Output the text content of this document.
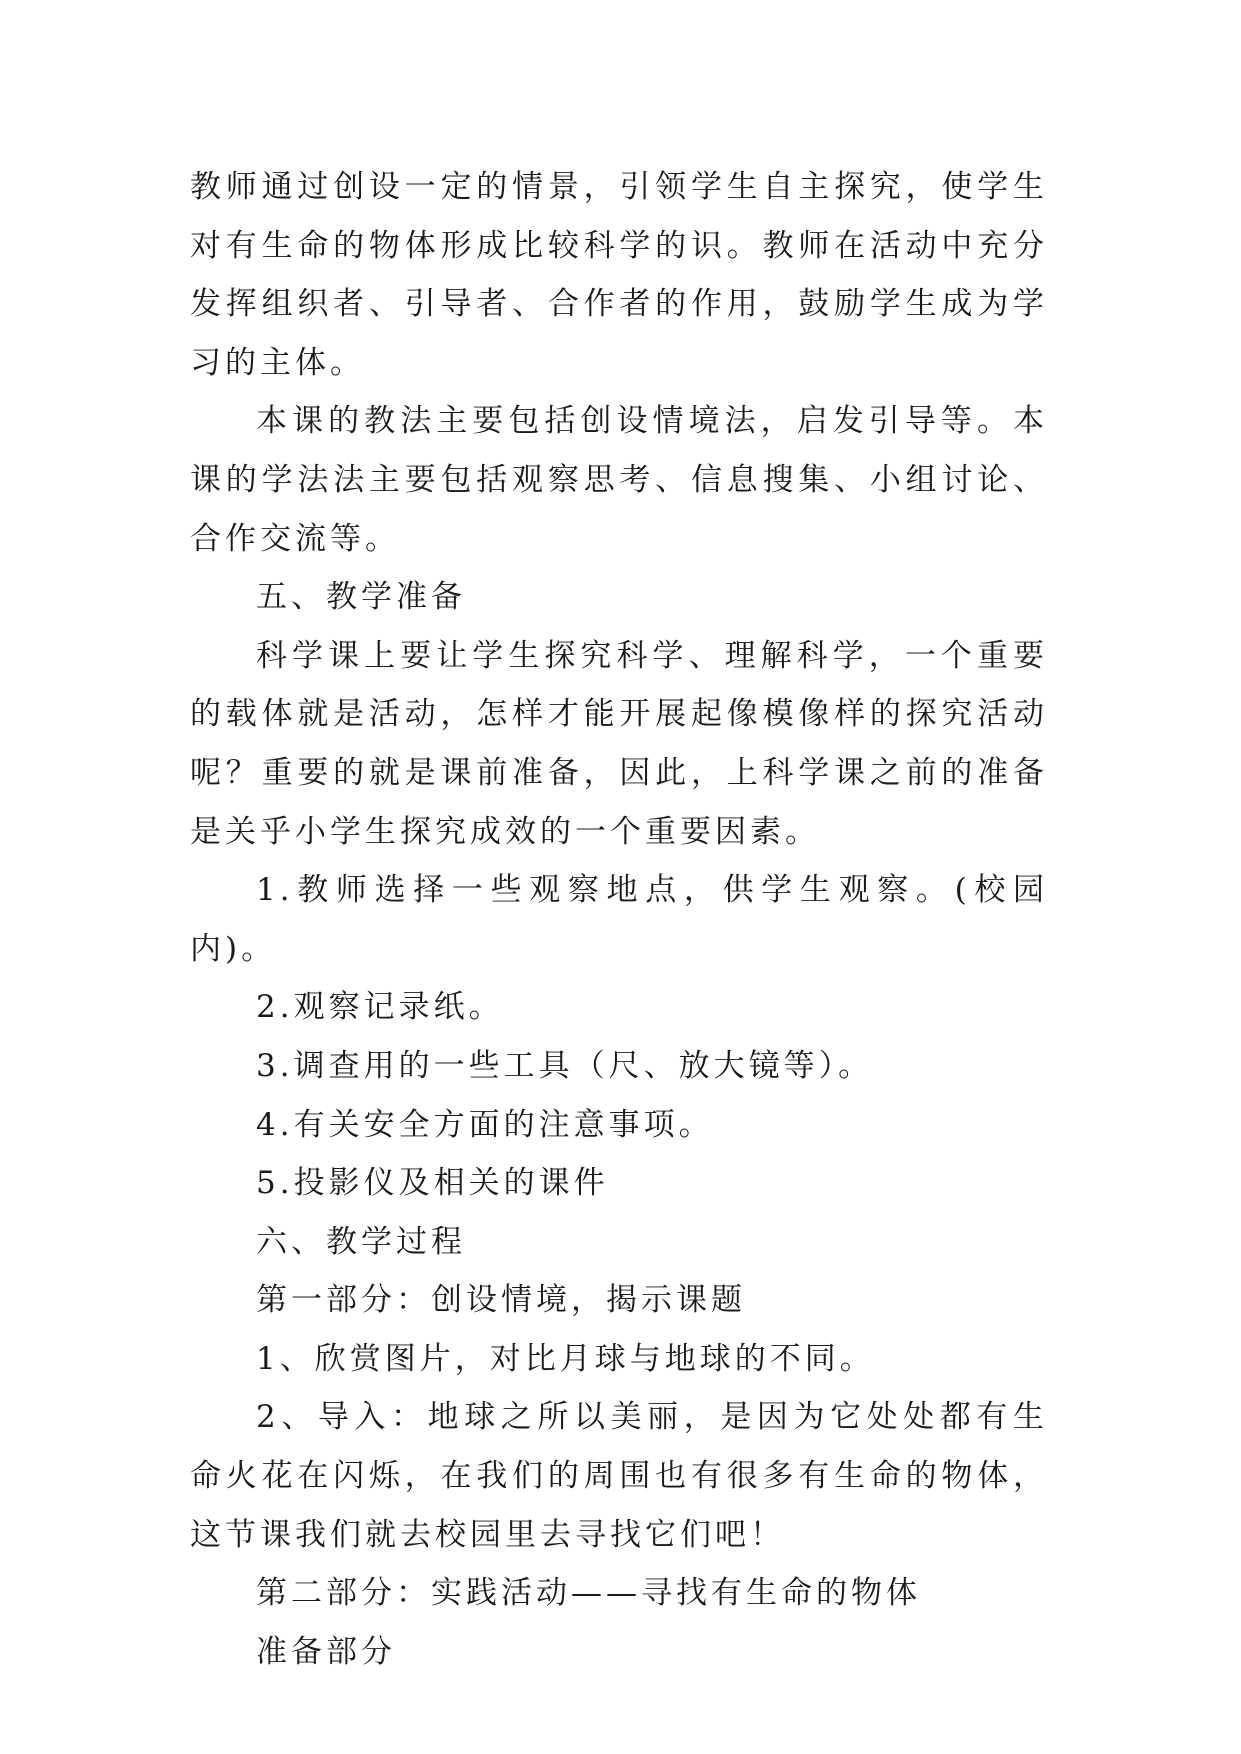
教师通过创设一定的情景，引领学生自主探究，使学生对有生命的物体形成比较科学的识。教师在活动中充分发挥组织者、引导者、合作者的作用，鼓励学生成为学习的主体。

本课的教法主要包括创设情境法，启发引导等。本课的学法法主要包括观察思考、信息搜集、小组讨论、合作交流等。

五、教学准备

科学课上要让学生探究科学、理解科学，一个重要的载体就是活动，怎样才能开展起像模像样的探究活动呢？重要的就是课前准备，因此，上科学课之前的准备是关乎小学生探究成效的一个重要因素。

1.教师选择一些观察地点，供学生观察。(校园内)。

2.观察记录纸。

3.调查用的一些工具（尺、放大镜等）。

4.有关安全方面的注意事项。

5.投影仪及相关的课件

六、教学过程

第一部分：创设情境，揭示课题

1、欣赏图片，对比月球与地球的不同。

2、导入：地球之所以美丽，是因为它处处都有生命火花在闪烁，在我们的周围也有很多有生命的物体，这节课我们就去校园里去寻找它们吧！

第二部分：实践活动——寻找有生命的物体

准备部分
